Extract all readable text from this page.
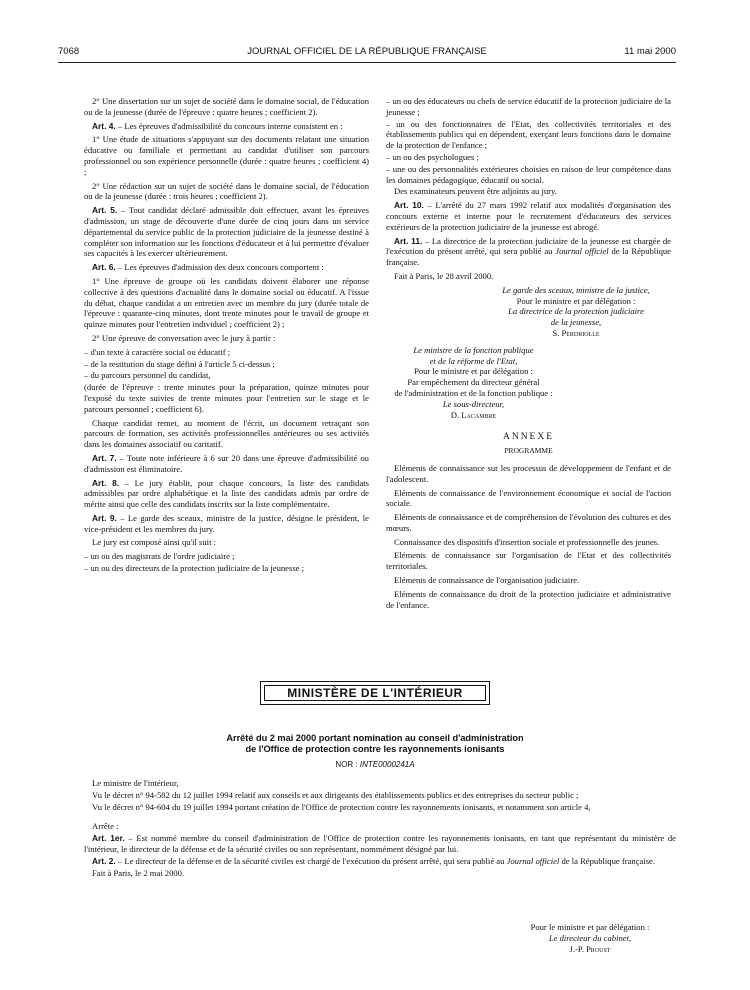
7068	JOURNAL OFFICIEL DE LA RÉPUBLIQUE FRANÇAISE	11 mai 2000

2° Une dissertation sur un sujet de société dans le domaine social, de l'éducation ou de la jeunesse (durée de l'épreuve : quatre heures ; coefficient 2).

Art. 4. – Les épreuves d'admissibilité du concours interne consistent en :

1° Une étude de situations s'appuyant sur des documents relatant une situation éducative ou familiale et permettant au candidat d'utiliser son parcours professionnel ou son expérience personnelle (durée : quatre heures ; coefficient 4) ;

2° Une rédaction sur un sujet de société dans le domaine social, de l'éducation ou de la jeunesse (durée : trois heures ; coefficient 2).

Art. 5. – Tout candidat déclaré admissible doit effectuer, avant les épreuves d'admission, un stage de découverte d'une durée de cinq jours dans un service départemental du service public de la protection judiciaire de la jeunesse destiné à compléter son information sur les fonctions d'éducateur et à lui permettre d'évaluer ses capacités à les exercer ultérieurement.

Art. 6. – Les épreuves d'admission des deux concours comportent :

1° Une épreuve de groupe où les candidats doivent élaborer une réponse collective à des questions d'actualité dans le domaine social ou éducatif. A l'issue du débat, chaque candidat a un entretien avec un membre du jury (durée totale de l'épreuve : quarante-cinq minutes, dont trente minutes pour le travail de groupe et quinze minutes pour l'entretien individuel ; coefficient 2) ;

2° Une épreuve de conversation avec le jury à partir :

– d'un texte à caractère social ou éducatif ;

– de la restitution du stage défini à l'article 5 ci-dessus ;

– du parcours personnel du candidat,

(durée de l'épreuve : trente minutes pour la préparation, quinze minutes pour l'exposé du texte suivies de trente minutes pour l'entretien sur le stage et le parcours personnel ; coefficient 6).

Chaque candidat remet, au moment de l'écrit, un document retraçant son parcours de formation, ses activités professionnelles antérieures ou ses activités dans les domaines associatif ou caritatif.

Art. 7. – Toute note inférieure à 6 sur 20 dans une épreuve d'admissibilité ou d'admission est éliminatoire.

Art. 8. – Le jury établit, pour chaque concours, la liste des candidats admissibles par ordre alphabétique et la liste des candidats admis par ordre de mérite ainsi que celle des candidats inscrits sur la liste complémentaire.

Art. 9. – Le garde des sceaux, ministre de la justice, désigne le président, le vice-président et les membres du jury.

Le jury est composé ainsi qu'il suit :

– un ou des magistrats de l'ordre judiciaire ;

– un ou des directeurs de la protection judiciaire de la jeunesse ;

– un ou des éducateurs ou chefs de service éducatif de la protection judiciaire de la jeunesse ;

– un ou des fonctionnaires de l'Etat, des collectivités territoriales et des établissements publics qui en dépendent, exerçant leurs fonctions dans le domaine de la protection de l'enfance ;

– un ou des psychologues ;

– une ou des personnalités extérieures choisies en raison de leur compétence dans les domaines pédagogique, éducatif ou social.

Des examinateurs peuvent être adjoints au jury.

Art. 10. – L'arrêté du 27 mars 1992 relatif aux modalités d'organisation des concours externe et interne pour le recrutement d'éducateurs des services extérieurs de la protection judiciaire de la jeunesse est abrogé.

Art. 11. – La directrice de la protection judiciaire de la jeunesse est chargée de l'exécution du présent arrêté, qui sera publié au Journal officiel de la République française.

Fait à Paris, le 28 avril 2000.

Le garde des sceaux, ministre de la justice,

Pour le ministre et par délégation :

La directrice de la protection judiciaire

de la jeunesse,

S. Perdriolle

Le ministre de la fonction publique

et de la réforme de l'Etat,

Pour le ministre et par délégation :

Par empêchement du directeur général

de l'administration et de la fonction publique :

Le sous-directeur,

D. Lacambre

ANNEXE

PROGRAMME

Eléments de connaissance sur les processus de développement de l'enfant et de l'adolescent.

Eléments de connaissance de l'environnement économique et social de l'action sociale.

Eléments de connaissance et de compréhension de l'évolution des cultures et des mœurs.

Connaissance des dispositifs d'insertion sociale et professionnelle des jeunes.

Eléments de connaissance sur l'organisation de l'Etat et des collectivités territoriales.

Eléments de connaissance de l'organisation judiciaire.

Eléments de connaissance du droit de la protection judiciaire et administrative de l'enfance.

MINISTÈRE DE L'INTÉRIEUR
Arrêté du 2 mai 2000 portant nomination au conseil d'administration
de l'Office de protection contre les rayonnements ionisants
NOR : INTE0000241A

Le ministre de l'intérieur,

Vu le décret n° 94-582 du 12 juillet 1994 relatif aux conseils et aux dirigeants des établissements publics et des entreprises du secteur public ;

Vu le décret n° 94-604 du 19 juillet 1994 portant création de l'Office de protection contre les rayonnements ionisants, et notamment son article 4,

Arrête :

Art. 1er. – Est nommé membre du conseil d'administration de l'Office de protection contre les rayonnements ionisants, en tant que représentant du ministère de l'intérieur, le directeur de la défense et de la sécurité civiles ou son représentant, nommément désigné par lui.

Art. 2. – Le directeur de la défense et de la sécurité civiles est chargé de l'exécution du présent arrêté, qui sera publié au Journal officiel de la République française.

Fait à Paris, le 2 mai 2000.

Pour le ministre et par délégation :
Le directeur du cabinet,
J.-P. Proust
